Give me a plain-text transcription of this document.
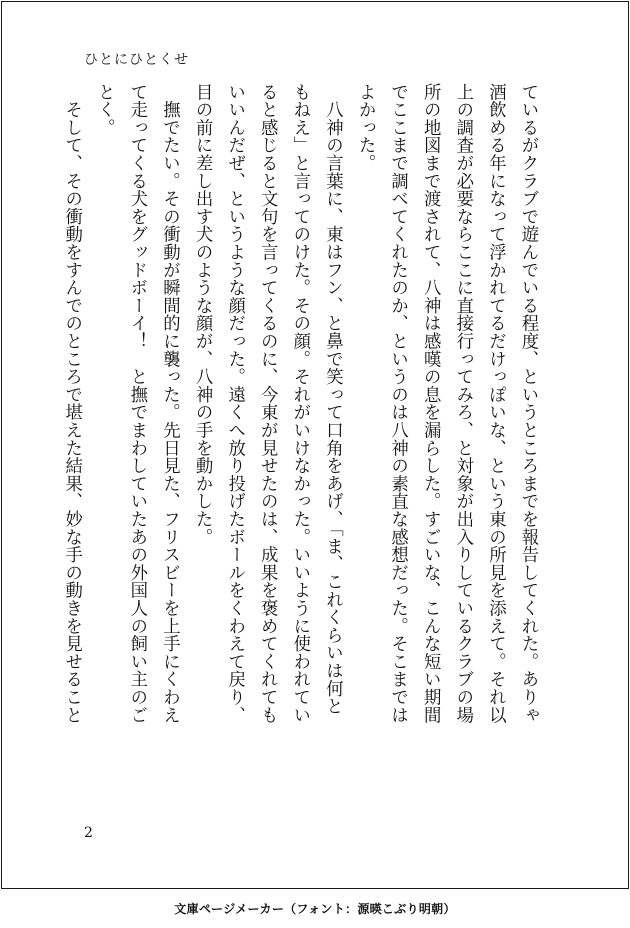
ひとにひとくせ

ているがクラブで遊んでいる程度、というところまでを報告してくれた。ありゃ
酒飲める年になって浮かれてるだけっぽいな、という東の所見を添えて。それ以
上の調査が必要ならここに直接行ってみろ、と対象が出入りしているクラブの場
所の地図まで渡されて、八神は感嘆の息を漏らした。すごいな、こんな短い期間
でここまで調べてくれたのか、というのは八神の素直な感想だった。そこまでは
よかった。

　八神の言葉に、東はフン、と鼻で笑って口角をあげ、「ま、これくらいは何と
もねえ」と言ってのけた。その顔。それがいけなかった。いいように使われてい
ると感じると文句を言ってくるのに、今東が見せたのは、成果を褒めてくれても
いいんだぜ、というような顔だった。遠くへ放り投げたボールをくわえて戻り、
目の前に差し出す犬のような顔が、八神の手を動かした。

　撫でたい。その衝動が瞬間的に襲った。先日見た、フリスビーを上手にくわえ
て走ってくる犬をグッドボーイ！　と撫でまわしていたあの外国人の飼い主のご
とく。

　そして、その衝動をすんでのところで堪えた結果、妙な手の動きを見せること

2
文庫ページメーカー（フォント：源暎こぶり明朝）
